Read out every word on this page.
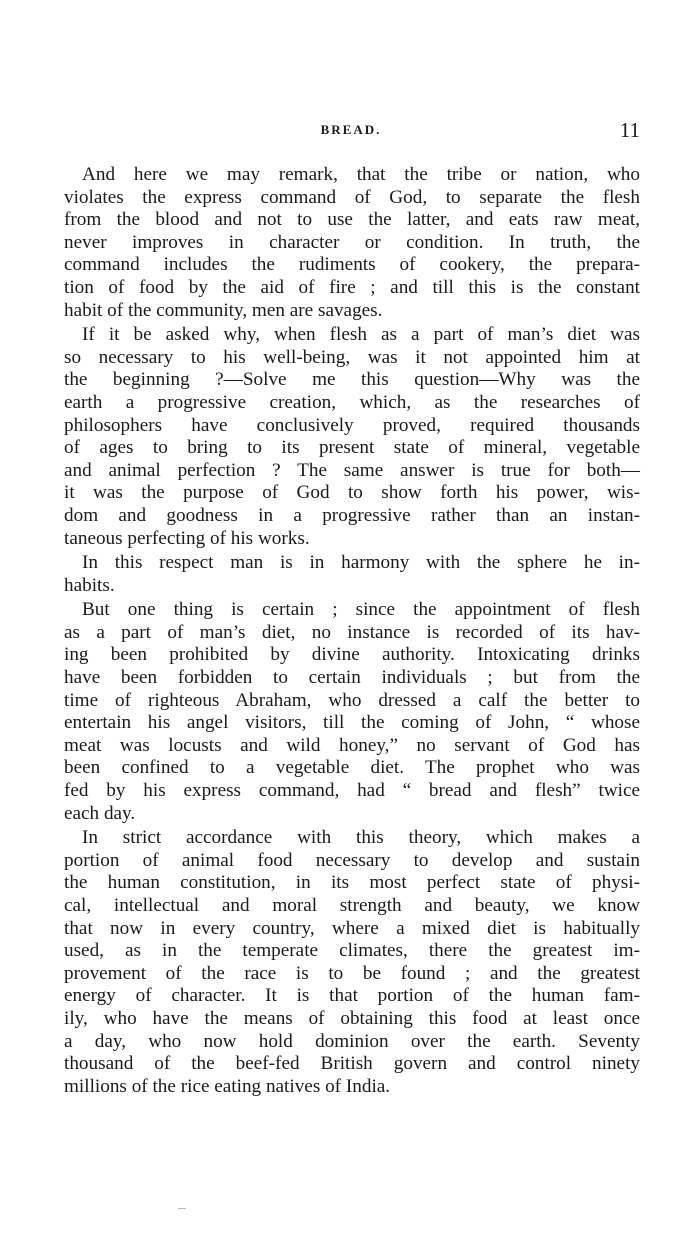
BREAD.	11
And here we may remark, that the tribe or nation, who
violates the express command of God, to separate the flesh
from the blood and not to use the latter, and eats raw meat,
never improves in character or condition. In truth, the
command includes the rudiments of cookery, the prepara-
tion of food by the aid of fire ; and till this is the constant
habit of the community, men are savages.
If it be asked why, when flesh as a part of man’s diet was
so necessary to his well-being, was it not appointed him at
the beginning ?—Solve me this question—Why was the
earth a progressive creation, which, as the researches of
philosophers have conclusively proved, required thousands
of ages to bring to its present state of mineral, vegetable
and animal perfection ? The same answer is true for both—
it was the purpose of God to show forth his power, wis-
dom and goodness in a progressive rather than an instan-
taneous perfecting of his works.
In this respect man is in harmony with the sphere he in-
habits.
But one thing is certain ; since the appointment of flesh
as a part of man’s diet, no instance is recorded of its hav-
ing been prohibited by divine authority. Intoxicating drinks
have been forbidden to certain individuals ; but from the
time of righteous Abraham, who dressed a calf the better to
entertain his angel visitors, till the coming of John, “ whose
meat was locusts and wild honey,” no servant of God has
been confined to a vegetable diet. The prophet who was
fed by his express command, had “ bread and flesh” twice
each day.
In strict accordance with this theory, which makes a
portion of animal food necessary to develop and sustain
the human constitution, in its most perfect state of physi-
cal, intellectual and moral strength and beauty, we know
that now in every country, where a mixed diet is habitually
used, as in the temperate climates, there the greatest im-
provement of the race is to be found ; and the greatest
energy of character. It is that portion of the human fam-
ily, who have the means of obtaining this food at least once
a day, who now hold dominion over the earth. Seventy
thousand of the beef-fed British govern and control ninety
millions of the rice eating natives of India.
